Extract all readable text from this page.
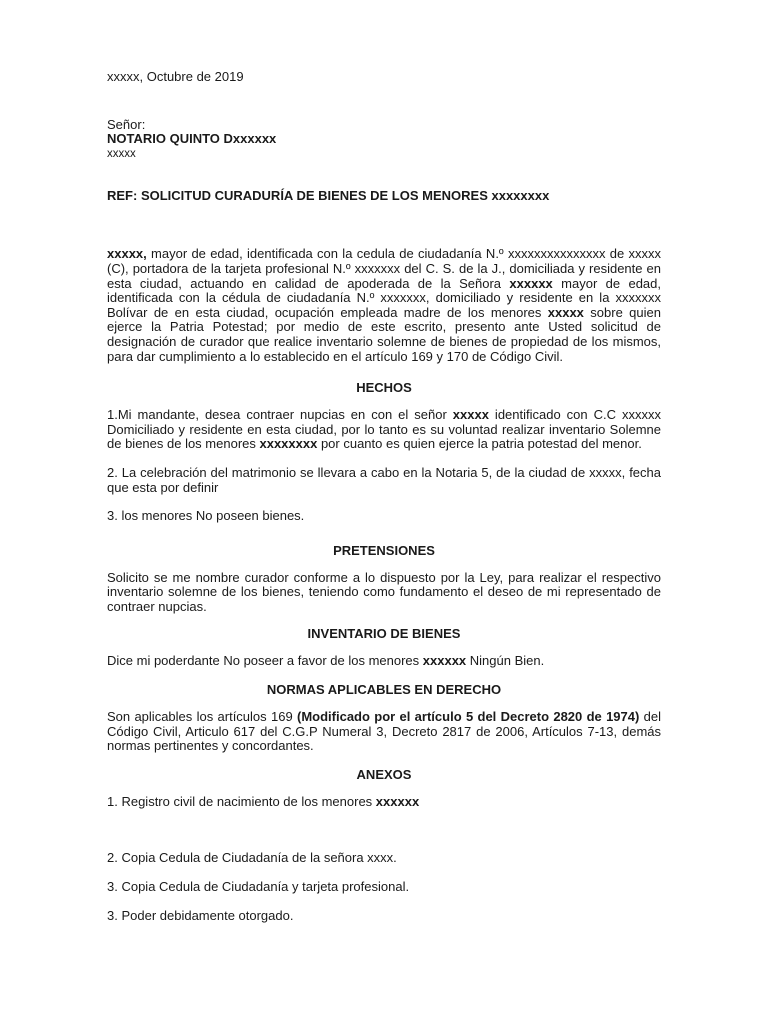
xxxxx, Octubre de 2019

Señor:

NOTARIO QUINTO Dxxxxxx

xxxxx

REF: SOLICITUD CURADURÍA DE BIENES DE LOS MENORES xxxxxxxx

xxxxx, mayor de edad, identificada con la cedula de ciudadanía N.º xxxxxxxxxxxxxxx de xxxxx (C), portadora de la tarjeta profesional N.º xxxxxxx del C. S. de la J., domiciliada y residente en esta ciudad, actuando en calidad de apoderada de la Señora xxxxxx mayor de edad, identificada con la cédula de ciudadanía N.º xxxxxxx, domiciliado y residente en la xxxxxxx Bolívar de en esta ciudad, ocupación empleada madre de los menores xxxxx sobre quien ejerce la Patria Potestad; por medio de este escrito, presento ante Usted solicitud de designación de curador que realice inventario solemne de bienes de propiedad de los mismos, para dar cumplimiento a lo establecido en el artículo 169 y 170 de Código Civil.

HECHOS

1.Mi mandante, desea contraer nupcias en con el señor xxxxx identificado con C.C xxxxxx Domiciliado y residente en esta ciudad, por lo tanto es su voluntad realizar inventario Solemne de bienes de los menores xxxxxxxx por cuanto es quien ejerce la patria potestad del menor.

2. La celebración del matrimonio se llevara a cabo en la Notaria 5, de la ciudad de xxxxx, fecha que esta por definir

3. los menores No poseen bienes.

PRETENSIONES

Solicito se me nombre curador conforme a lo dispuesto por la Ley, para realizar el respectivo inventario solemne de los bienes, teniendo como fundamento el deseo de mi representado de contraer nupcias.

INVENTARIO DE BIENES

Dice mi poderdante No poseer a favor de los menores xxxxxx Ningún Bien.

NORMAS APLICABLES EN DERECHO

Son aplicables los artículos 169 (Modificado por el artículo 5 del Decreto 2820 de 1974) del Código Civil, Articulo 617 del C.G.P Numeral 3, Decreto 2817 de 2006, Artículos 7-13, demás normas pertinentes y concordantes.

ANEXOS

1. Registro civil de nacimiento de los menores xxxxxx

2. Copia Cedula de Ciudadanía de la señora xxxx.

3. Copia Cedula de Ciudadanía y tarjeta profesional.

3. Poder debidamente otorgado.
